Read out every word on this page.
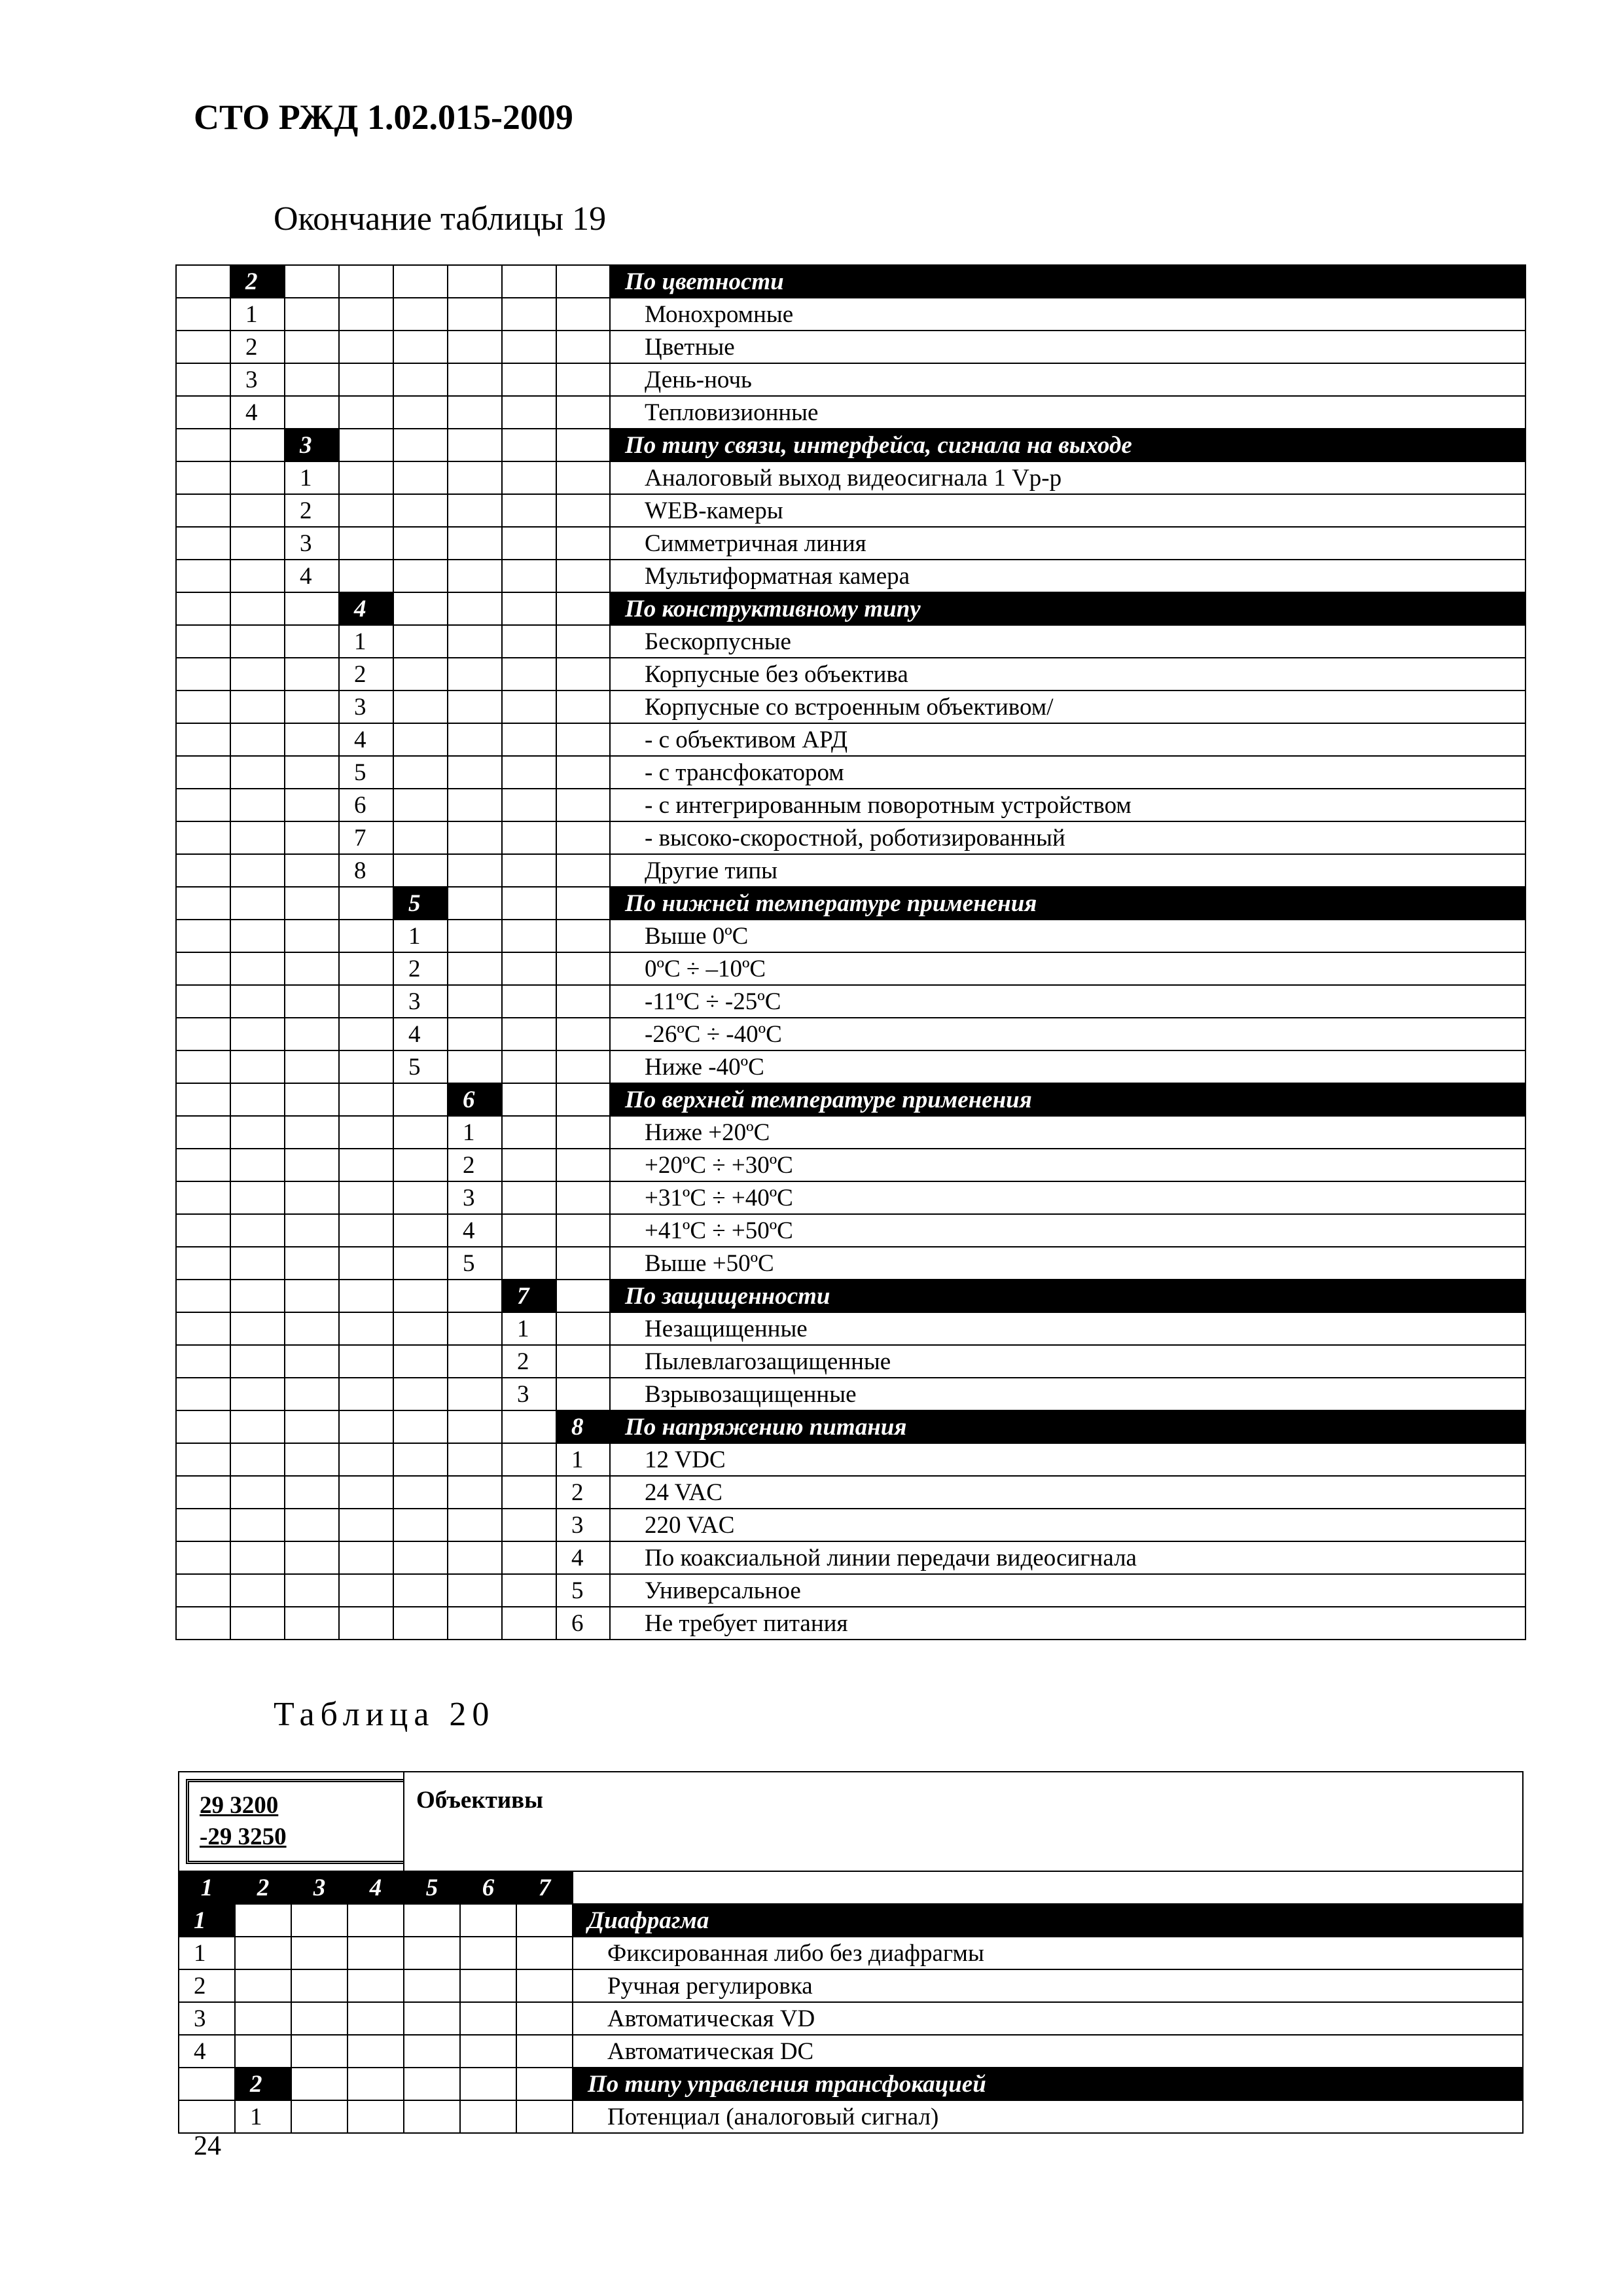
СТО РЖД 1.02.015-2009

Окончание таблицы 19

	2							По цветности
	1							Монохромные
	2							Цветные
	3							День-ночь
	4							Тепловизионные
		3						По типу связи, интерфейса, сигнала на выходе
		1						Аналоговый выход видеосигнала 1 Vp-p
		2						WEB-камеры
		3						Симметричная линия
		4						Мультиформатная камера
			4					По конструктивному типу
			1					Бескорпусные
			2					Корпусные без объектива
			3					Корпусные со встроенным объективом/
			4					- с объективом АРД
			5					- с трансфокатором
			6					- с интегрированным поворотным устройством
			7					- высоко-скоростной, роботизированный
			8					Другие типы
				5				По нижней температуре применения
				1				Выше 0ºC
				2				0ºC ÷ –10ºC
				3				-11ºC ÷ -25ºC
				4				-26ºC ÷ -40ºC
				5				Ниже -40ºC
					6			По верхней температуре применения
					1			Ниже +20ºC
					2			+20ºC ÷ +30ºC
					3			+31ºC ÷ +40ºC
					4			+41ºC ÷ +50ºC
					5			Выше +50ºC
						7		По защищенности
						1		Незащищенные
						2		Пылевлагозащищенные
						3		Взрывозащищенные
							8	По напряжению питания
							1	12 VDC
							2	24 VAC
							3	220 VAC
							4	По коаксиальной линии передачи видеосигнала
							5	Универсальное
							6	Не требует питания

Таблица 20

29 3200
-29 3250				Объективы			
1	2	3	4	5	6	7	
1							Диафрагма
1							Фиксированная либо без диафрагмы
2							Ручная регулировка
3							Автоматическая VD
4							Автоматическая DC
	2						По типу управления трансфокацией
	1						Потенциал (аналоговый сигнал)
24
